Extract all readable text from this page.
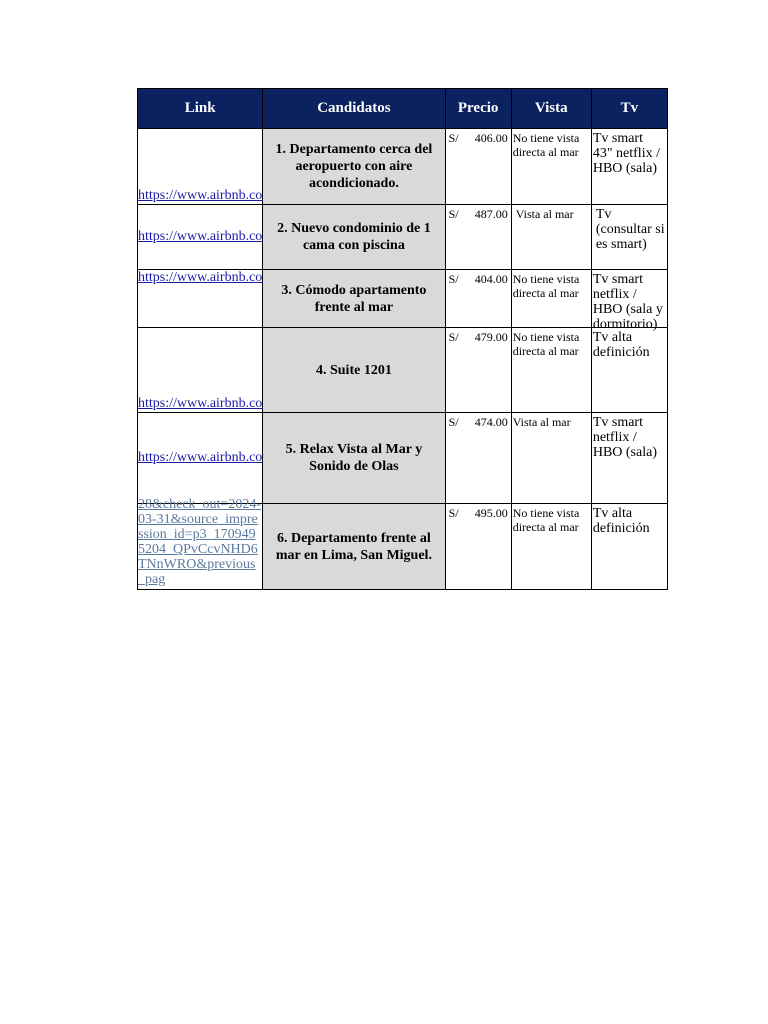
Link	Candidatos	Precio	Vista	Tv
https://www.airbnb.co	1. Departamento cerca del aeropuerto con aire acondicionado.	S/ 406.00	No tiene vista directa al mar	Tv smart 43" netflix / HBO (sala)
https://www.airbnb.co	2. Nuevo condominio de 1 cama con piscina	S/ 487.00	Vista al mar	Tv (consultar si es smart)
https://www.airbnb.co	3. Cómodo apartamento frente al mar	S/ 404.00	No tiene vista directa al mar	Tv smart netflix / HBO (sala y dormitorio)

https://www.airbnb.co	4. Suite 1201	S/ 479.00	No tiene vista directa al mar	Tv alta definición
https://www.airbnb.co	5. Relax Vista al Mar y Sonido de Olas	S/ 474.00	Vista al mar	Tv smart netflix / HBO (sala)

28&check_out=2024-03-31&source_impression_id=p3_1709495204_QPvCcvNHD6TNnWRO&previous_pag	6. Departamento frente al mar en Lima, San Miguel.	S/ 495.00	No tiene vista directa al mar	Tv alta definición
